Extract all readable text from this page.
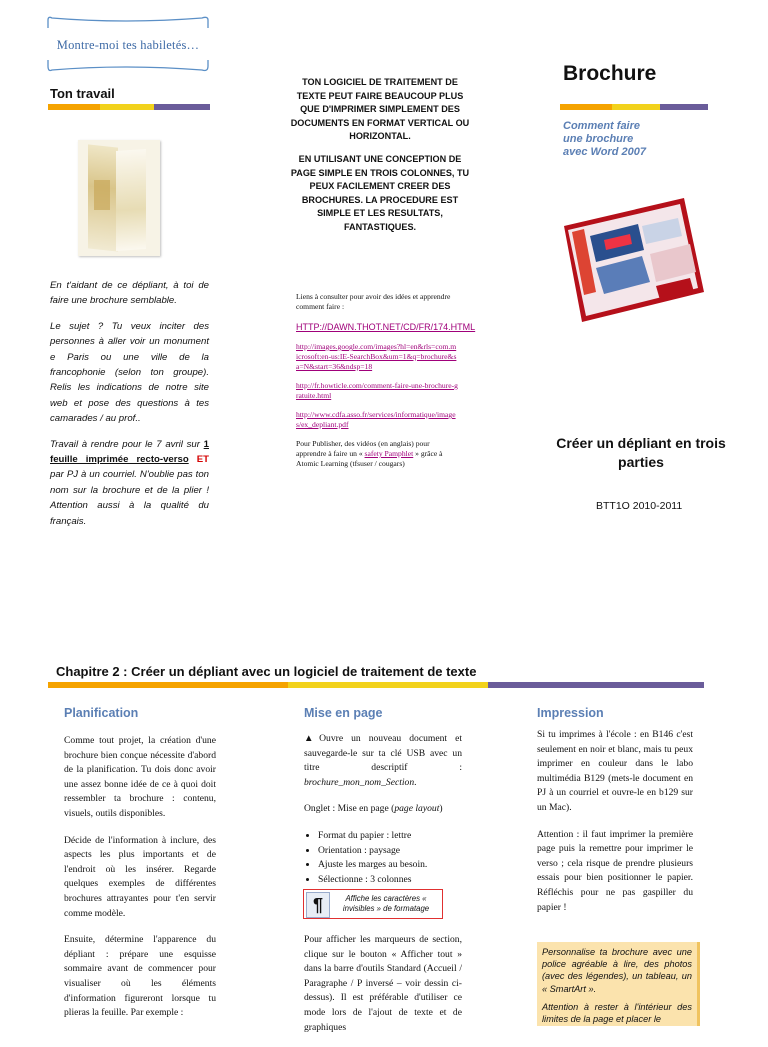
Montre-moi tes habiletés…
Ton travail

En t'aidant de ce dépliant, à toi de faire une brochure semblable.

Le sujet ? Tu veux inciter des personnes à aller voir un monument e Paris ou une ville de la francophonie (selon ton groupe). Relis les indications de notre site web et pose des questions à tes camarades / au prof..

Travail à rendre pour le 7 avril sur 1 feuille imprimée recto-verso ET par PJ à un courriel. N'oublie pas ton nom sur la brochure et de la plier ! Attention aussi à la qualité du français.

TON LOGICIEL DE TRAITEMENT DE TEXTE PEUT FAIRE BEAUCOUP PLUS QUE D'IMPRIMER SIMPLEMENT DES DOCUMENTS EN FORMAT VERTICAL OU HORIZONTAL.

EN UTILISANT UNE CONCEPTION DE PAGE SIMPLE EN TROIS COLONNES, TU PEUX FACILEMENT CREER DES BROCHURES. LA PROCEDURE EST SIMPLE ET LES RESULTATS, FANTASTIQUES.

Liens à consulter pour avoir des idées et apprendre comment faire :

HTTP://DAWN.THOT.NET/CD/FR/174.HTML

http://images.google.com/images?hl=en&rls=com.microsoft:en-us:IE-SearchBox&um=1&q=brochure&sa=N&start=36&ndsp=18

http://fr.howticle.com/comment-faire-une-brochure-gratuite.html

http://www.cdfa.asso.fr/services/informatique/images/ex_depliant.pdf

Pour Publisher, des vidéos (en anglais) pour apprendre à faire un « safety Pamphlet » grâce à Atomic Learning (tfsuser / cougars)

Brochure
Comment faire
une brochure
avec Word 2007
Créer un dépliant en trois parties
BTT1O 2010-2011
Chapitre 2 : Créer un dépliant avec un logiciel de traitement de texte
Planification

Comme tout projet, la création d'une brochure bien conçue nécessite d'abord de la planification. Tu dois donc avoir une assez bonne idée de ce à quoi doit ressembler ta brochure : contenu, visuels, outils disponibles.

Décide de l'information à inclure, des aspects les plus importants et de l'endroit où les insérer. Regarde quelques exemples de différentes brochures attrayantes pour t'en servir comme modèle.

Ensuite, détermine l'apparence du dépliant : prépare une esquisse sommaire avant de commencer pour visualiser où les éléments d'information figureront lorsque tu plieras la feuille. Par exemple :

Mise en page

▲Ouvre un nouveau document et sauvegarde-le sur ta clé USB avec un titre descriptif : brochure_mon_nom_Section.

Onglet : Mise en page (page layout)

• Format du papier : lettre
• Orientation : paysage
• Ajuste les marges au besoin.
• Sélectionne : 3 colonnes
¶	Affiche les caractères « invisibles » de formatage

Pour afficher les marqueurs de section, clique sur le bouton « Afficher tout » dans la barre d'outils Standard (Accueil / Paragraphe / P inversé – voir dessin ci-dessus). Il est préférable d'utiliser ce mode lors de l'ajout de texte et de graphiques

Impression

Si tu imprimes à l'école : en B146 c'est seulement en noir et blanc, mais tu peux imprimer en couleur dans le labo multimédia B129 (mets-le document en PJ à un courriel et ouvre-le en b129 sur un Mac).

Attention : il faut imprimer la première page puis la remettre pour imprimer le verso ; cela risque de prendre plusieurs essais pour bien positionner le papier. Réfléchis pour ne pas gaspiller du papier !

Personnalise ta brochure avec une police agréable à lire, des photos (avec des légendes), un tableau, un « SmartArt ».

Attention à rester à l'intérieur des limites de la page et placer le
